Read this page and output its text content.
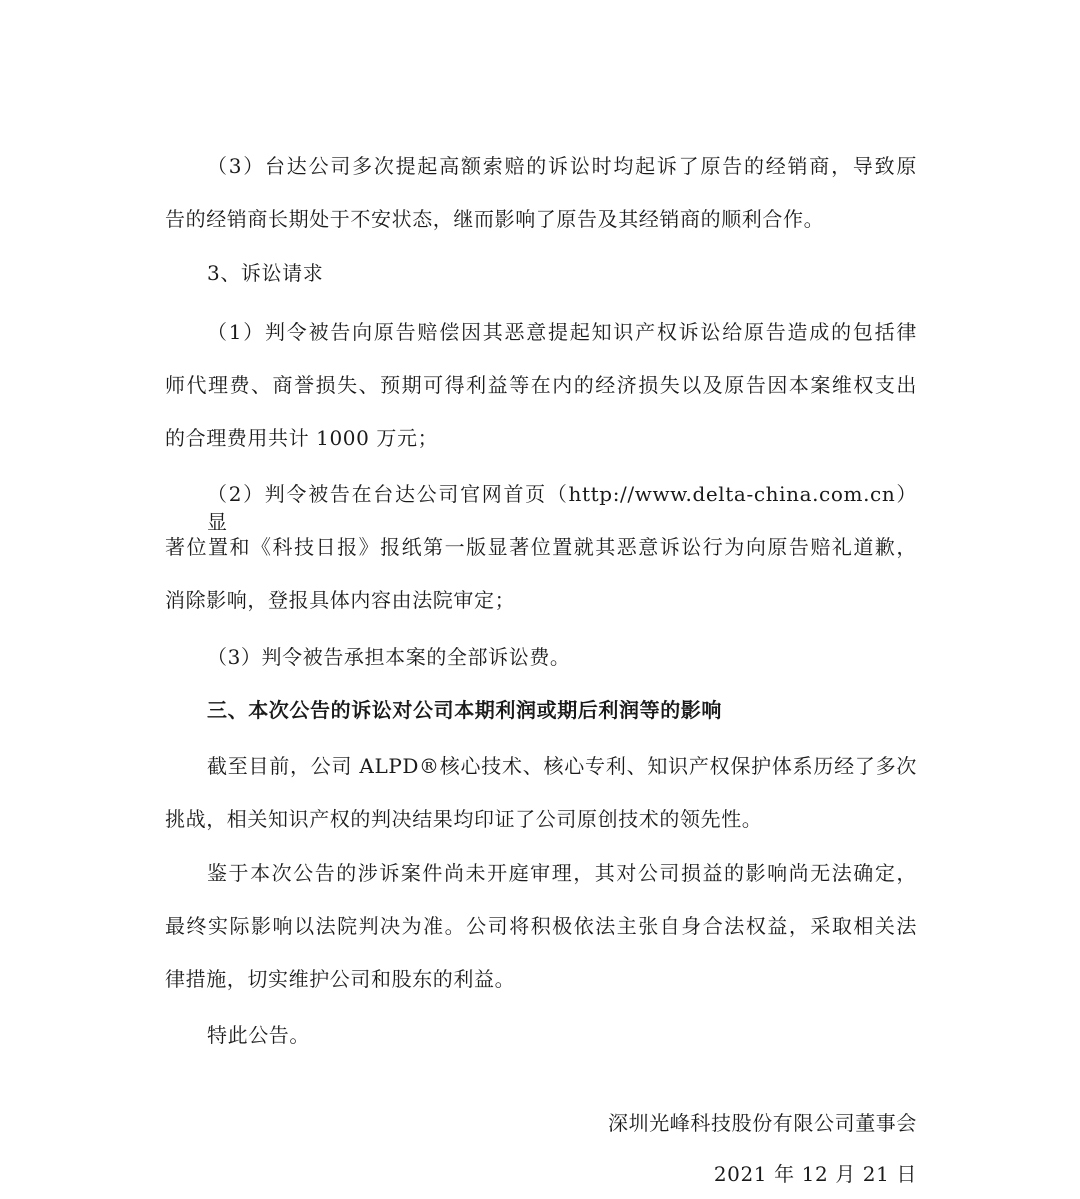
（3）台达公司多次提起高额索赔的诉讼时均起诉了原告的经销商，导致原
告的经销商长期处于不安状态，继而影响了原告及其经销商的顺利合作。
3、诉讼请求
（1）判令被告向原告赔偿因其恶意提起知识产权诉讼给原告造成的包括律
师代理费、商誉损失、预期可得利益等在内的经济损失以及原告因本案维权支出
的合理费用共计 1000 万元；
（2）判令被告在台达公司官网首页（http://www.delta-china.com.cn）显
著位置和《科技日报》报纸第一版显著位置就其恶意诉讼行为向原告赔礼道歉，
消除影响，登报具体内容由法院审定；
（3）判令被告承担本案的全部诉讼费。
三、本次公告的诉讼对公司本期利润或期后利润等的影响
截至目前，公司 ALPD®核心技术、核心专利、知识产权保护体系历经了多次
挑战，相关知识产权的判决结果均印证了公司原创技术的领先性。
鉴于本次公告的涉诉案件尚未开庭审理，其对公司损益的影响尚无法确定，
最终实际影响以法院判决为准。公司将积极依法主张自身合法权益，采取相关法
律措施，切实维护公司和股东的利益。
特此公告。
深圳光峰科技股份有限公司董事会
2021 年 12 月 21 日
